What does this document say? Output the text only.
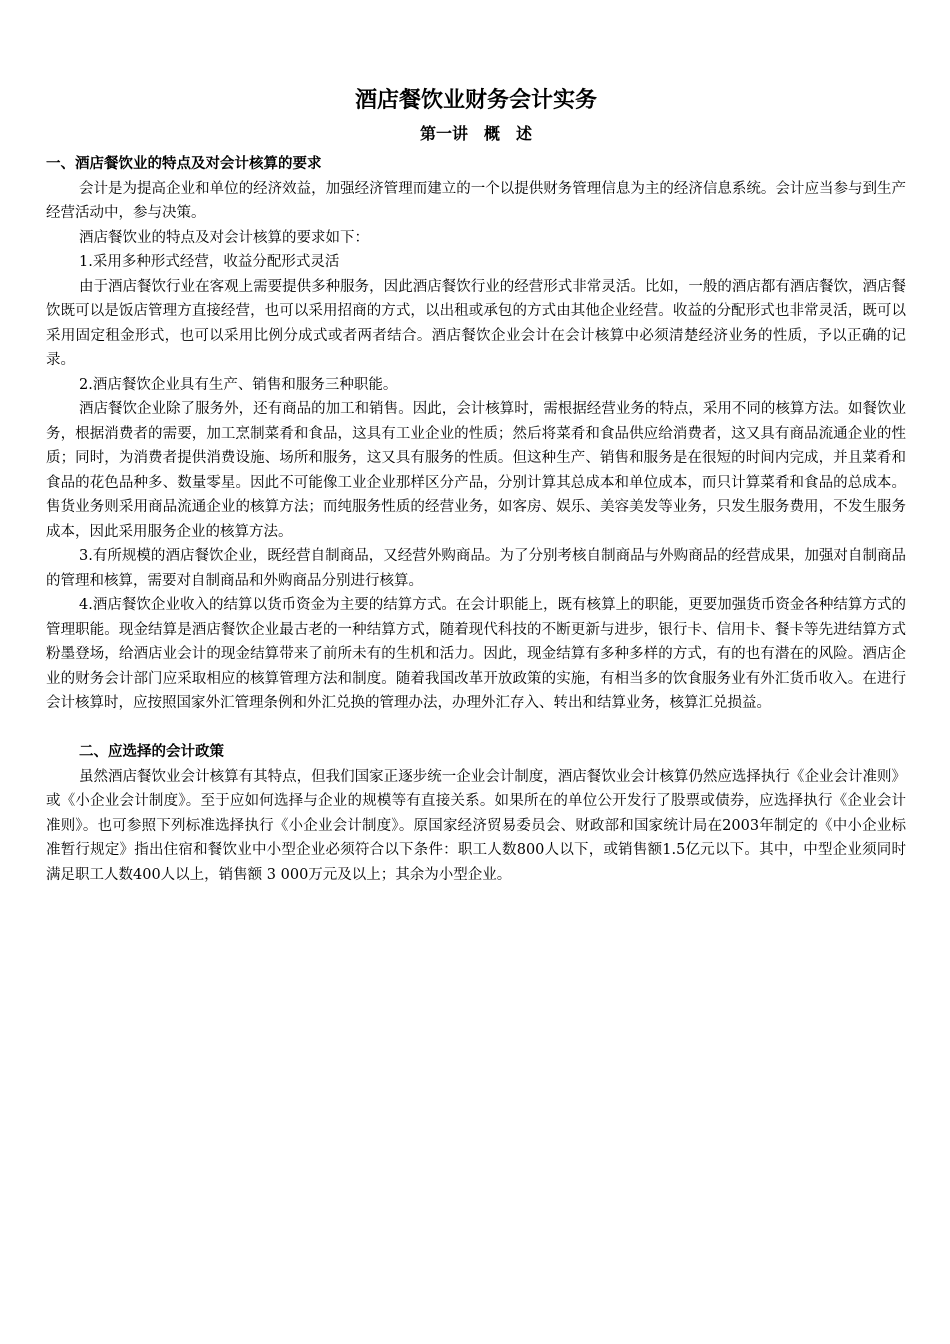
酒店餐饮业财务会计实务
第一讲　概　述
一、酒店餐饮业的特点及对会计核算的要求

会计是为提高企业和单位的经济效益，加强经济管理而建立的一个以提供财务管理信息为主的经济信息系统。会计应当参与到生产经营活动中，参与决策。

酒店餐饮业的特点及对会计核算的要求如下：

1.采用多种形式经营，收益分配形式灵活

由于酒店餐饮行业在客观上需要提供多种服务，因此酒店餐饮行业的经营形式非常灵活。比如，一般的酒店都有酒店餐饮，酒店餐饮既可以是饭店管理方直接经营，也可以采用招商的方式，以出租或承包的方式由其他企业经营。收益的分配形式也非常灵活，既可以采用固定租金形式，也可以采用比例分成式或者两者结合。酒店餐饮企业会计在会计核算中必须清楚经济业务的性质，予以正确的记录。

2.酒店餐饮企业具有生产、销售和服务三种职能。

酒店餐饮企业除了服务外，还有商品的加工和销售。因此，会计核算时，需根据经营业务的特点，采用不同的核算方法。如餐饮业务，根据消费者的需要，加工烹制菜肴和食品，这具有工业企业的性质；然后将菜肴和食品供应给消费者，这又具有商品流通企业的性质；同时，为消费者提供消费设施、场所和服务，这又具有服务的性质。但这种生产、销售和服务是在很短的时间内完成，并且菜肴和食品的花色品种多、数量零星。因此不可能像工业企业那样区分产品，分别计算其总成本和单位成本，而只计算菜肴和食品的总成本。售货业务则采用商品流通企业的核算方法；而纯服务性质的经营业务，如客房、娱乐、美容美发等业务，只发生服务费用，不发生服务成本，因此采用服务企业的核算方法。

3.有所规模的酒店餐饮企业，既经营自制商品，又经营外购商品。为了分别考核自制商品与外购商品的经营成果，加强对自制商品的管理和核算，需要对自制商品和外购商品分别进行核算。

4.酒店餐饮企业收入的结算以货币资金为主要的结算方式。在会计职能上，既有核算上的职能，更要加强货币资金各种结算方式的管理职能。现金结算是酒店餐饮企业最古老的一种结算方式，随着现代科技的不断更新与进步，银行卡、信用卡、餐卡等先进结算方式粉墨登场，给酒店业会计的现金结算带来了前所未有的生机和活力。因此，现金结算有多种多样的方式，有的也有潜在的风险。酒店企业的财务会计部门应采取相应的核算管理方法和制度。随着我国改革开放政策的实施，有相当多的饮食服务业有外汇货币收入。在进行会计核算时，应按照国家外汇管理条例和外汇兑换的管理办法，办理外汇存入、转出和结算业务，核算汇兑损益。

二、应选择的会计政策

虽然酒店餐饮业会计核算有其特点，但我们国家正逐步统一企业会计制度，酒店餐饮业会计核算仍然应选择执行《企业会计准则》或《小企业会计制度》。至于应如何选择与企业的规模等有直接关系。如果所在的单位公开发行了股票或债券，应选择执行《企业会计准则》。也可参照下列标准选择执行《小企业会计制度》。原国家经济贸易委员会、财政部和国家统计局在2003年制定的《中小企业标准暂行规定》指出住宿和餐饮业中小型企业必须符合以下条件：职工人数800人以下，或销售额1.5亿元以下。其中，中型企业须同时满足职工人数400人以上，销售额 3 000万元及以上；其余为小型企业。
